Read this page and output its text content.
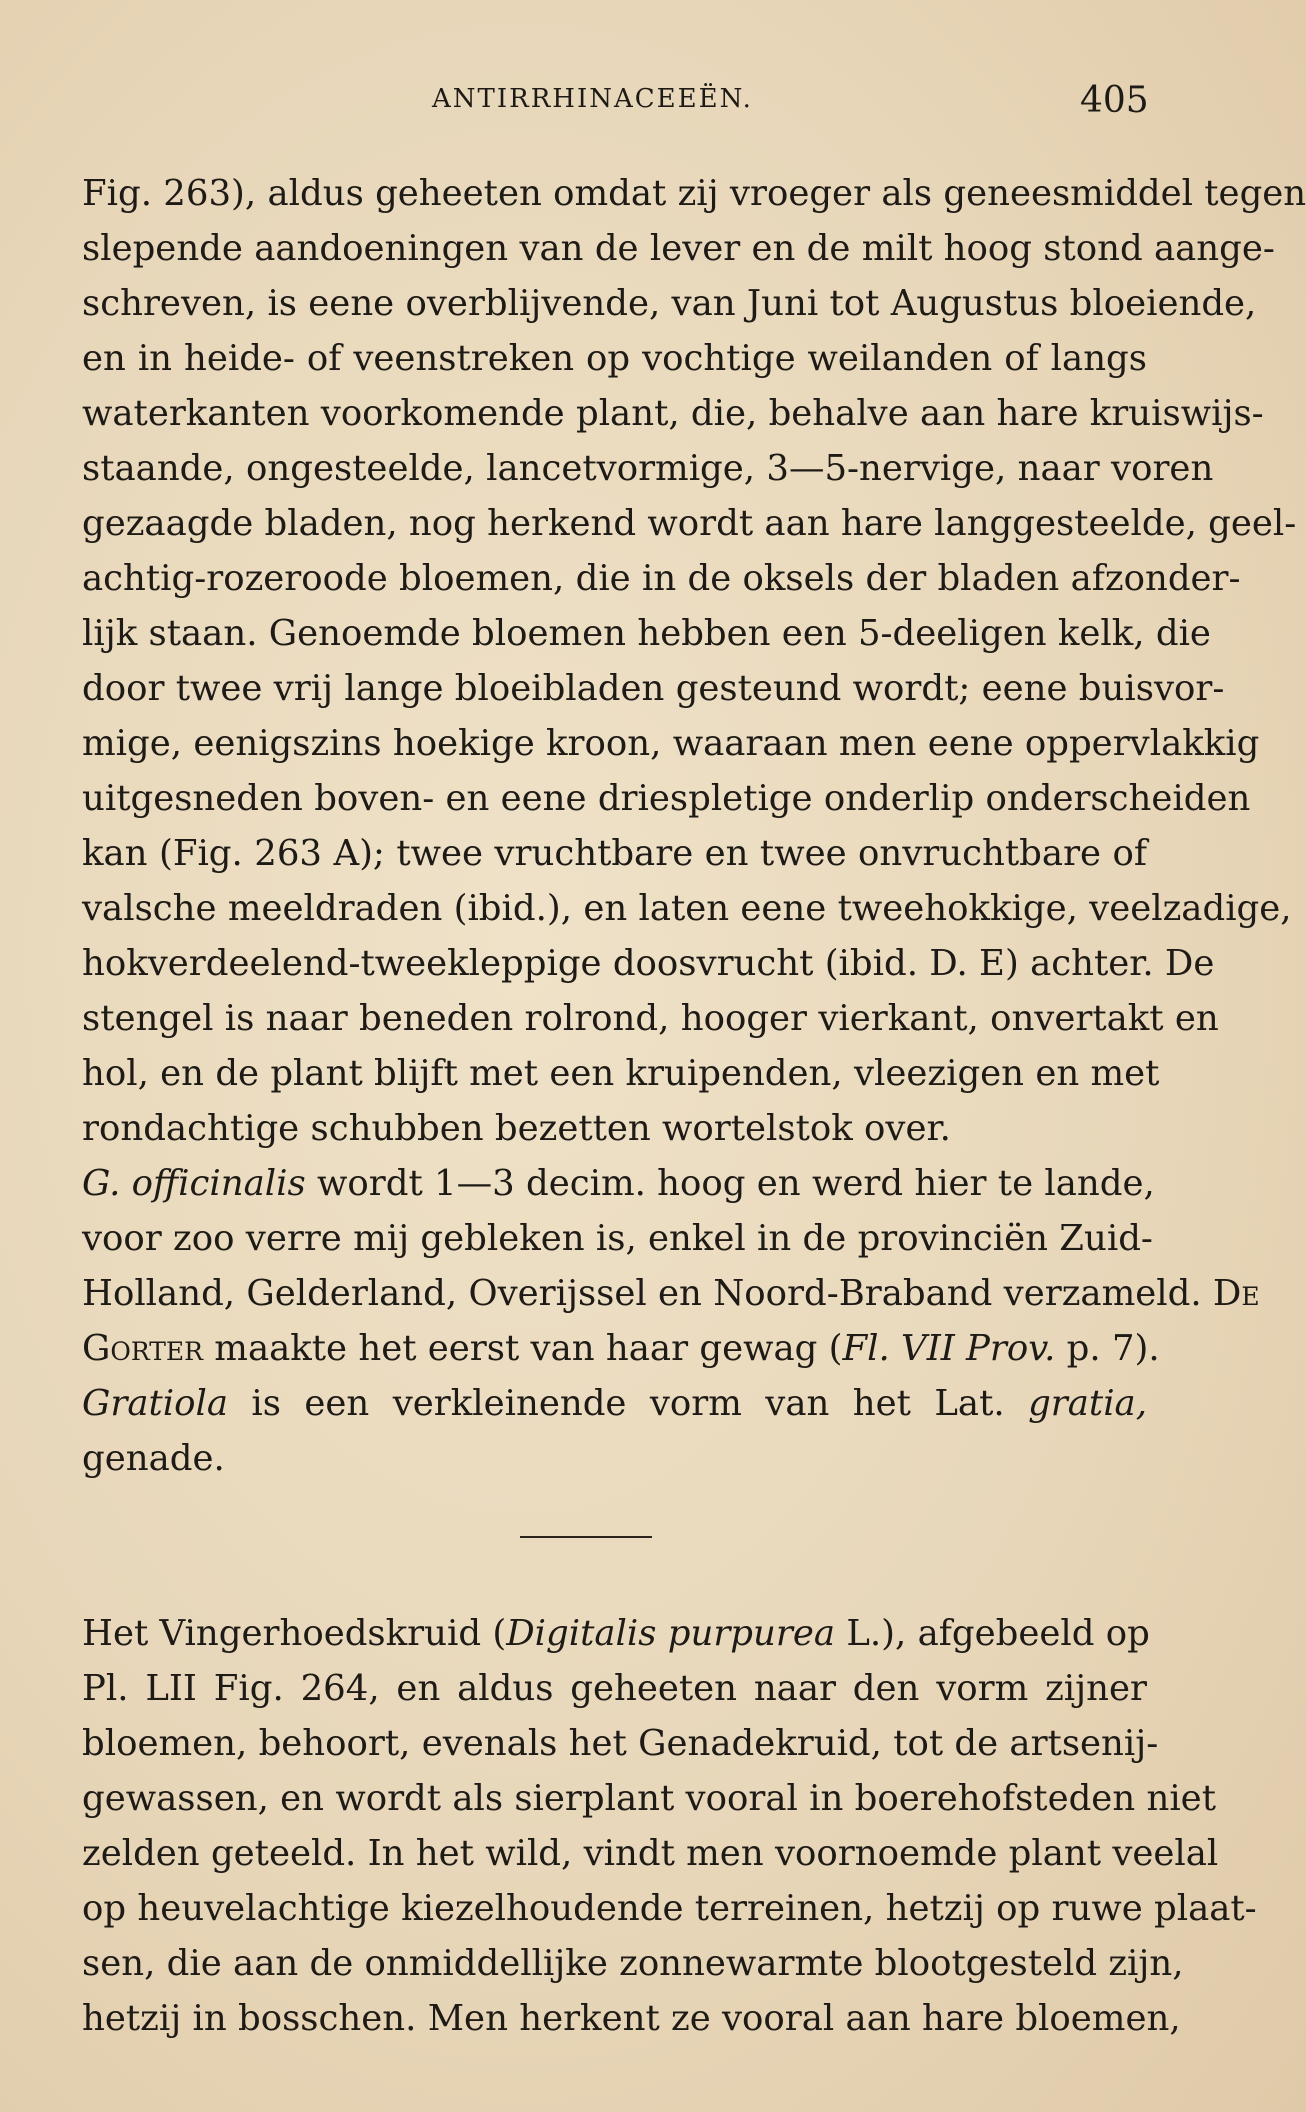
ANTIRRHINACEEËN.	405
Fig. 263), aldus geheeten omdat zij vroeger als geneesmiddel tegen
slepende aandoeningen van de lever en de milt hoog stond aange-
schreven, is eene overblijvende, van Juni tot Augustus bloeiende,
en in heide- of veenstreken op vochtige weilanden of langs
waterkanten voorkomende plant, die, behalve aan hare kruiswijs-
staande, ongesteelde, lancetvormige, 3—5-nervige, naar voren
gezaagde bladen, nog herkend wordt aan hare langgesteelde, geel-
achtig-rozeroode bloemen, die in de oksels der bladen afzonder-
lijk staan. Genoemde bloemen hebben een 5-deeligen kelk, die
door twee vrij lange bloeibladen gesteund wordt; eene buisvor-
mige, eenigszins hoekige kroon, waaraan men eene oppervlakkig
uitgesneden boven- en eene driespletige onderlip onderscheiden
kan (Fig. 263 A); twee vruchtbare en twee onvruchtbare of
valsche meeldraden (ibid.), en laten eene tweehokkige, veelzadige,
hokverdeelend-tweekleppige doosvrucht (ibid. D. E) achter. De
stengel is naar beneden rolrond, hooger vierkant, onvertakt en
hol, en de plant blijft met een kruipenden, vleezigen en met
rondachtige schubben bezetten wortelstok over.
G. officinalis wordt 1—3 decim. hoog en werd hier te lande,
voor zoo verre mij gebleken is, enkel in de provinciën Zuid-
Holland, Gelderland, Overijssel en Noord-Braband verzameld. De
Gorter maakte het eerst van haar gewag (Fl. VII Prov. p. 7).
Gratiola is een verkleinende vorm van het Lat. gratia,
genade.
Het Vingerhoedskruid (Digitalis purpurea L.), afgebeeld op
Pl. LII Fig. 264, en aldus geheeten naar den vorm zijner
bloemen, behoort, evenals het Genadekruid, tot de artsenij-
gewassen, en wordt als sierplant vooral in boerehofsteden niet
zelden geteeld. In het wild, vindt men voornoemde plant veelal
op heuvelachtige kiezelhoudende terreinen, hetzij op ruwe plaat-
sen, die aan de onmiddellijke zonnewarmte blootgesteld zijn,
hetzij in bosschen. Men herkent ze vooral aan hare bloemen,
